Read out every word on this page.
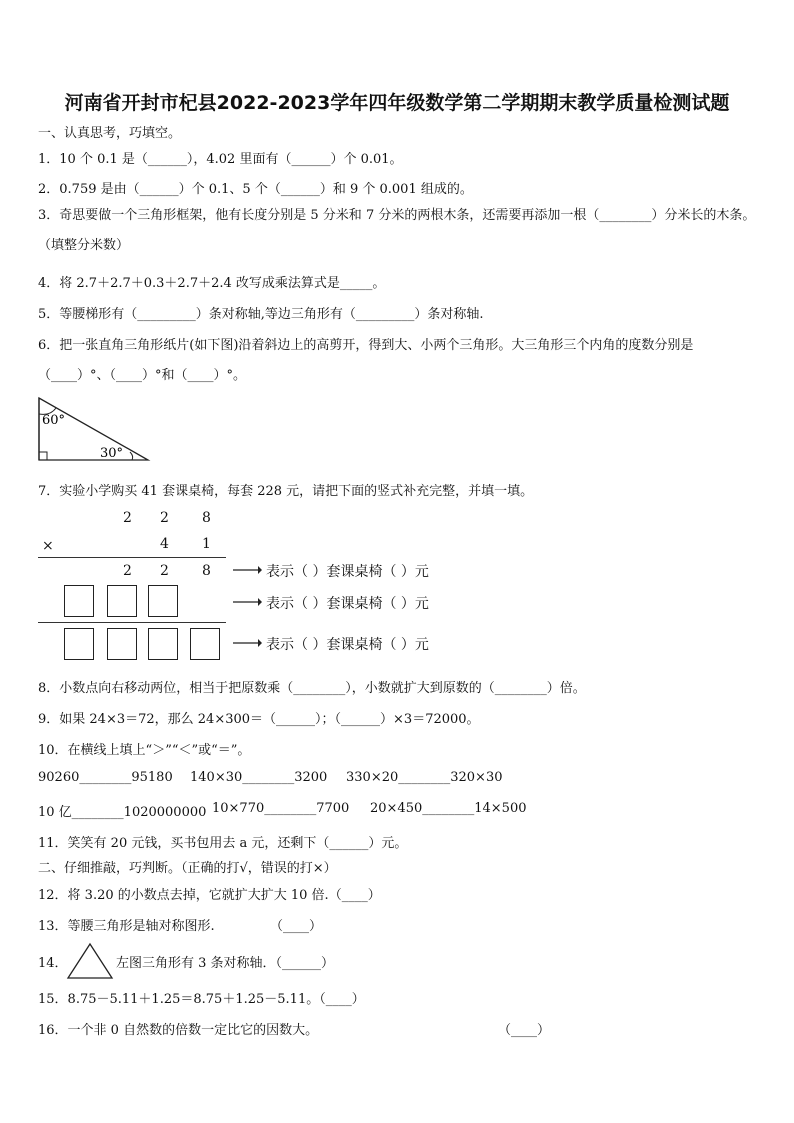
河南省开封市杞县2022-2023学年四年级数学第二学期期末教学质量检测试题
一、认真思考，巧填空。
1．10 个 0.1 是（______），4.02 里面有（______）个 0.01。
2．0.759 是由（______）个 0.1、5 个（______）和 9 个 0.001 组成的。
3．奇思要做一个三角形框架，他有长度分别是 5 分米和 7 分米的两根木条，还需要再添加一根（________）分米长的木条。（填整分米数）
4．将 2.7＋2.7＋0.3＋2.7＋2.4 改写成乘法算式是_____。
5．等腰梯形有（_________）条对称轴,等边三角形有（_________）条对称轴.
6．把一张直角三角形纸片(如下图)沿着斜边上的高剪开，得到大、小两个三角形。大三角形三个内角的度数分别是
（____）°、（____）°和（____）°。
60°
30°
7．实验小学购买 41 套课桌椅，每套 228 元，请把下面的竖式补充完整，并填一填。
2 2 8
×	4 1
2 2 8	表示（ ）套课桌椅（ ）元
表示（ ）套课桌椅（ ）元
表示（ ）套课桌椅（ ）元
8．小数点向右移动两位，相当于把原数乘（________），小数就扩大到原数的（________）倍。
9．如果 24×3＝72，那么 24×300＝（______）；（______）×3＝72000。
10．在横线上填上“＞”“＜”或“＝”。
90260________95180 140×30________3200 330×20________320×30
10 亿________1020000000 10×770________7700 20×450________14×500
11．笑笑有 20 元钱，买书包用去 a 元，还剩下（______）元。
二、仔细推敲，巧判断。（正确的打√，错误的打×）
12．将 3.20 的小数点去掉，它就扩大扩大 10 倍.（____）
13．等腰三角形是轴对称图形.	（____）
14．	左图三角形有 3 条对称轴．（______）
15．8.75－5.11＋1.25＝8.75＋1.25－5.11。（____）
16．一个非 0 自然数的倍数一定比它的因数大。	（____）
